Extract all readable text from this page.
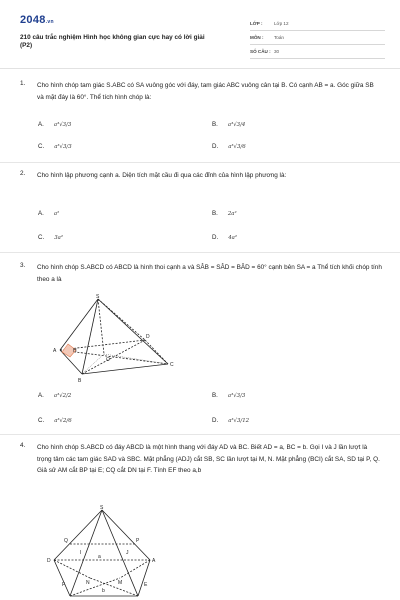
2048.vn
210 câu trắc nghiệm Hình học không gian cực hay có lời giải (P2)
LỚP : Lớp 12
MÔN : Toán
SỐ CÂU : 30
1. Cho hình chóp tam giác S.ABC có SA vuông góc với đáy, tam giác ABC vuông cân tại B. Có cạnh AB = a. Góc giữa SB và mặt đáy là 60°. Thể tích hình chóp là:
A. a³√3/3	B. a³√3/4
C. a³√3/3	D. a³√3/6
2. Cho hình lập phương cạnh a. Diện tích mặt cầu đi qua các đỉnh của hình lập phương là:
A. a²	B. 2a²
C. 3a²	D. 4a²
3. Cho hình chóp S.ABCD có ABCD là hình thoi cạnh a và SÂB = SÂD = BÂD = 60° cạnh bên SA = a Thể tích khối chóp tính theo a là
S
A
B
C
D
O
H
A. a³√2/2	B. a³√3/3
C. a³√2/6	D. a³√3/12
4. Cho hình chóp S.ABCD có đáy ABCD là một hình thang với đáy AD và BC. Biết AD = a, BC = b. Gọi I và J lần lượt là trọng tâm các tam giác SAD và SBC. Mặt phẳng (ADJ) cắt SB, SC lần lượt tại M, N. Mặt phẳng (BCI) cắt SA, SD tại P, Q. Giả sử AM cắt BP tại E; CQ cắt DN tại F. Tính EF theo a,b
S
P
Q
A
D
J
I
N	M	E
F
a
b
